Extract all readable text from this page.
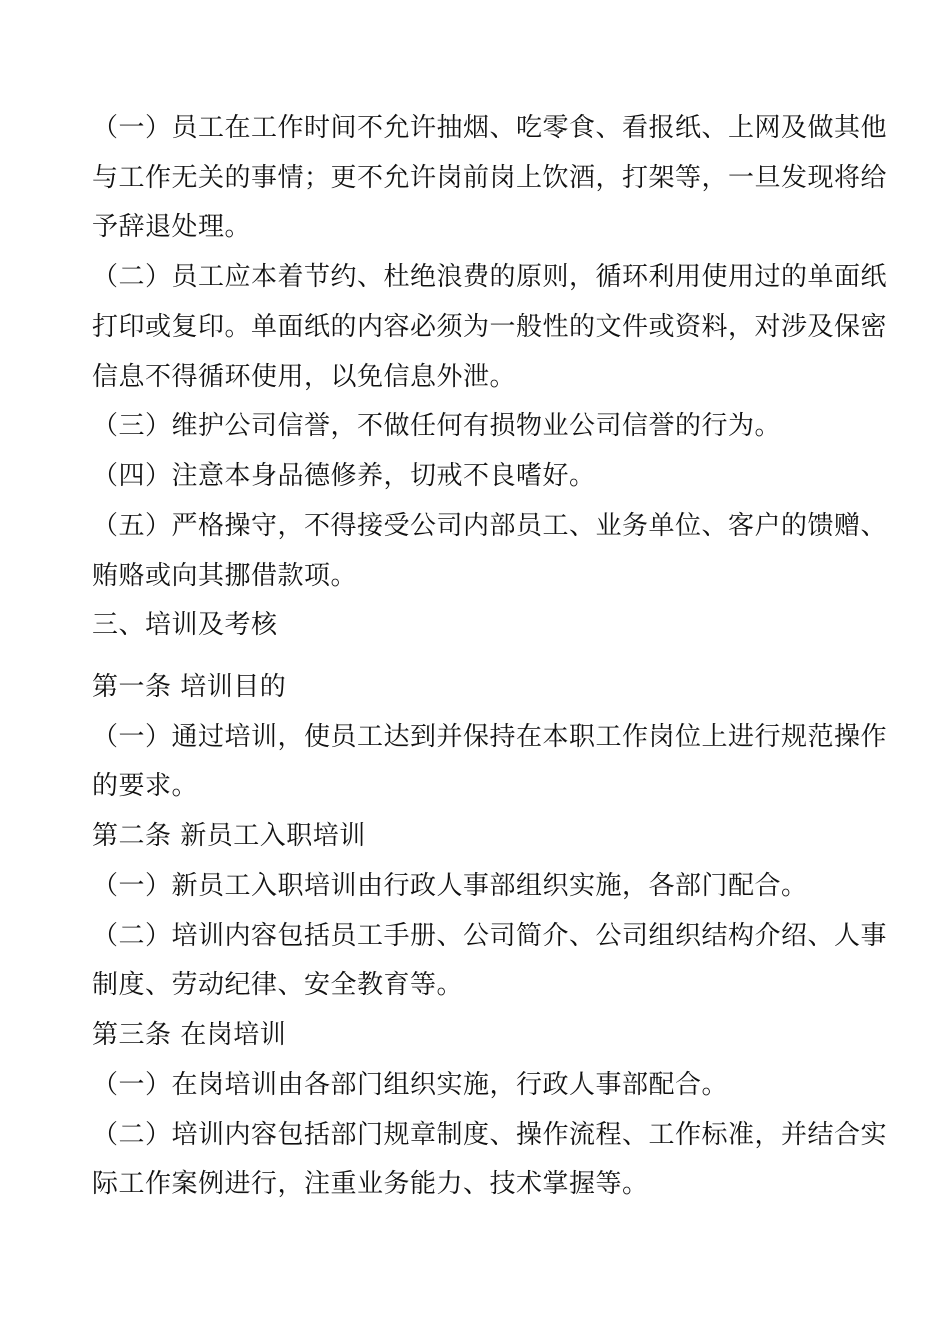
（一）员工在工作时间不允许抽烟、吃零食、看报纸、上网及做其他
与工作无关的事情；更不允许岗前岗上饮酒，打架等，一旦发现将给
予辞退处理。
（二）员工应本着节约、杜绝浪费的原则，循环利用使用过的单面纸
打印或复印。单面纸的内容必须为一般性的文件或资料，对涉及保密
信息不得循环使用，以免信息外泄。
（三）维护公司信誉，不做任何有损物业公司信誉的行为。
（四）注意本身品德修养，切戒不良嗜好。
（五）严格操守，不得接受公司内部员工、业务单位、客户的馈赠、
贿赂或向其挪借款项。
三、培训及考核
第一条 培训目的
（一）通过培训，使员工达到并保持在本职工作岗位上进行规范操作
的要求。
第二条 新员工入职培训
（一）新员工入职培训由行政人事部组织实施，各部门配合。
（二）培训内容包括员工手册、公司简介、公司组织结构介绍、人事
制度、劳动纪律、安全教育等。
第三条 在岗培训
（一）在岗培训由各部门组织实施，行政人事部配合。
（二）培训内容包括部门规章制度、操作流程、工作标准，并结合实
际工作案例进行，注重业务能力、技术掌握等。
